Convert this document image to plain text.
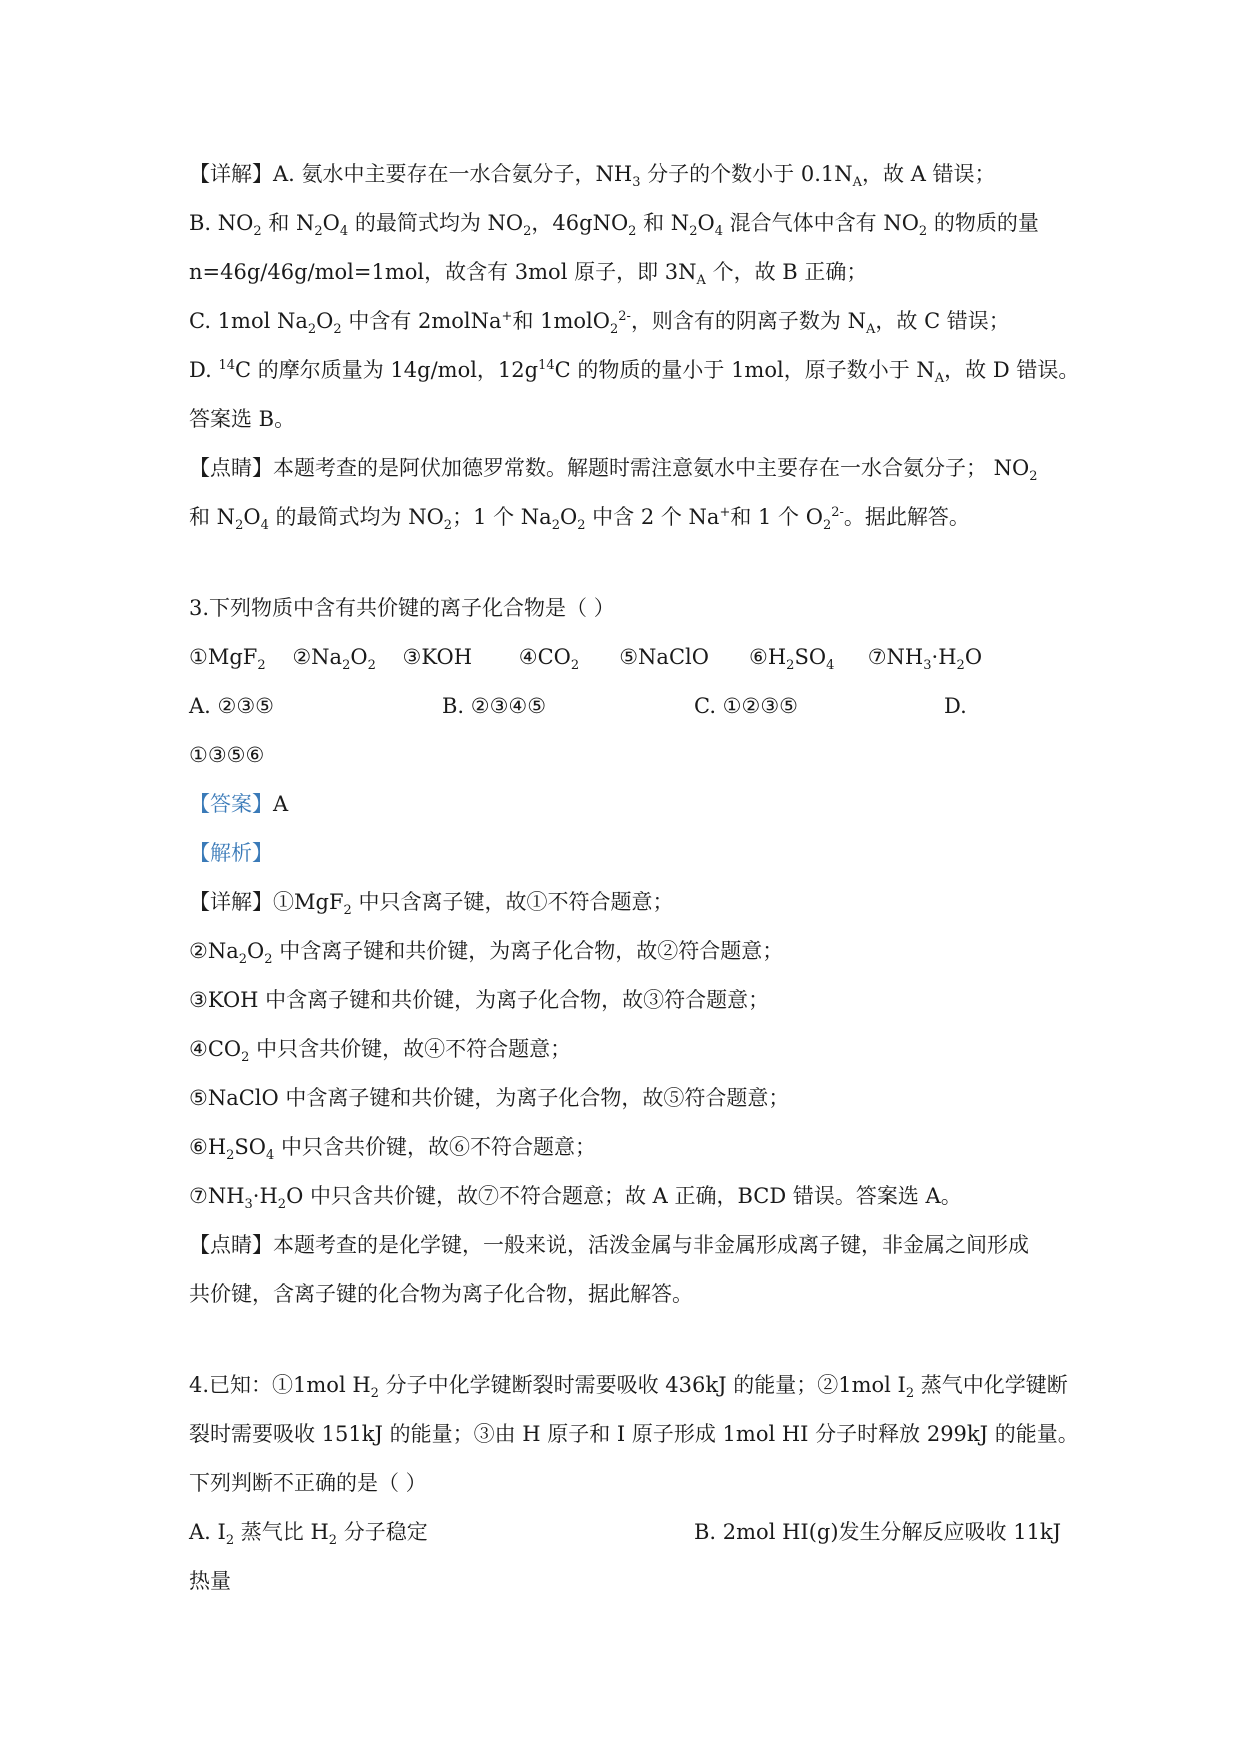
【详解】A. 氨水中主要存在一水合氨分子，$NH_3$ 分子的个数小于 $0.1N_A$，故 A 错误；
B. $NO_2$ 和 $N_2O_4$ 的最简式均为 $NO_2$，46gNO$_2$ 和 $N_2O_4$ 混合气体中含有 $NO_2$ 的物质的量
n=46g/46g/mol=1mol，故含有 3mol 原子，即 $3N_A$ 个，故 B 正确；
C. 1mol $Na_2O_2$ 中含有 2molNa+和 1molO$_2^{2-}$，则含有的阴离子数为 $N_A$，故 C 错误；
D. $^{14}$C 的摩尔质量为 14g/mol，$12g^{14}C$ 的物质的量小于 1mol，原子数小于 $N_A$，故 D 错误。
答案选 B。
【点睛】本题考查的是阿伏加德罗常数。解题时需注意氨水中主要存在一水合氨分子； $NO_2$
和 $N_2O_4$ 的最简式均为 $NO_2$；1 个 $Na_2O_2$ 中含 2 个 Na+和 1 个 $O_2^{2-}$。据此解答。
3.下列物质中含有共价键的离子化合物是（ ）
①MgF$_2$ $②Na_2O_2$ ③KOH $④CO_2$ ⑤NaClO $⑥H_2SO_4$ $⑦NH_3\cdot H_2O$
A. ②③⑤	B. ②③④⑤	C. ①②③⑤	D.
①③⑤⑥
【答案】A
【解析】
【详解】①MgF$_2$ 中只含离子键，故①不符合题意；
$②Na_2O_2$ 中含离子键和共价键，为离子化合物，故②符合题意；
③KOH 中含离子键和共价键，为离子化合物，故③符合题意；
$④CO_2$ 中只含共价键，故④不符合题意；
⑤NaClO 中含离子键和共价键，为离子化合物，故⑤符合题意；
$⑥H_2SO_4$ 中只含共价键，故⑥不符合题意；
$⑦NH_3\cdot H_2O$ 中只含共价键，故⑦不符合题意；故 A 正确，BCD 错误。答案选 A。
【点睛】本题考查的是化学键，一般来说，活泼金属与非金属形成离子键，非金属之间形成
共价键，含离子键的化合物为离子化合物，据此解答。
4.已知：①1mol $H_2$ 分子中化学键断裂时需要吸收 436kJ 的能量；②1mol $I_2$ 蒸气中化学键断
裂时需要吸收 151kJ 的能量；③由 H 原子和 I 原子形成 1mol HI 分子时释放 299kJ 的能量。
下列判断不正确的是（ ）
A. $I_2$ 蒸气比 $H_2$ 分子稳定	B. 2mol HI(g)发生分解反应吸收 11kJ
热量
